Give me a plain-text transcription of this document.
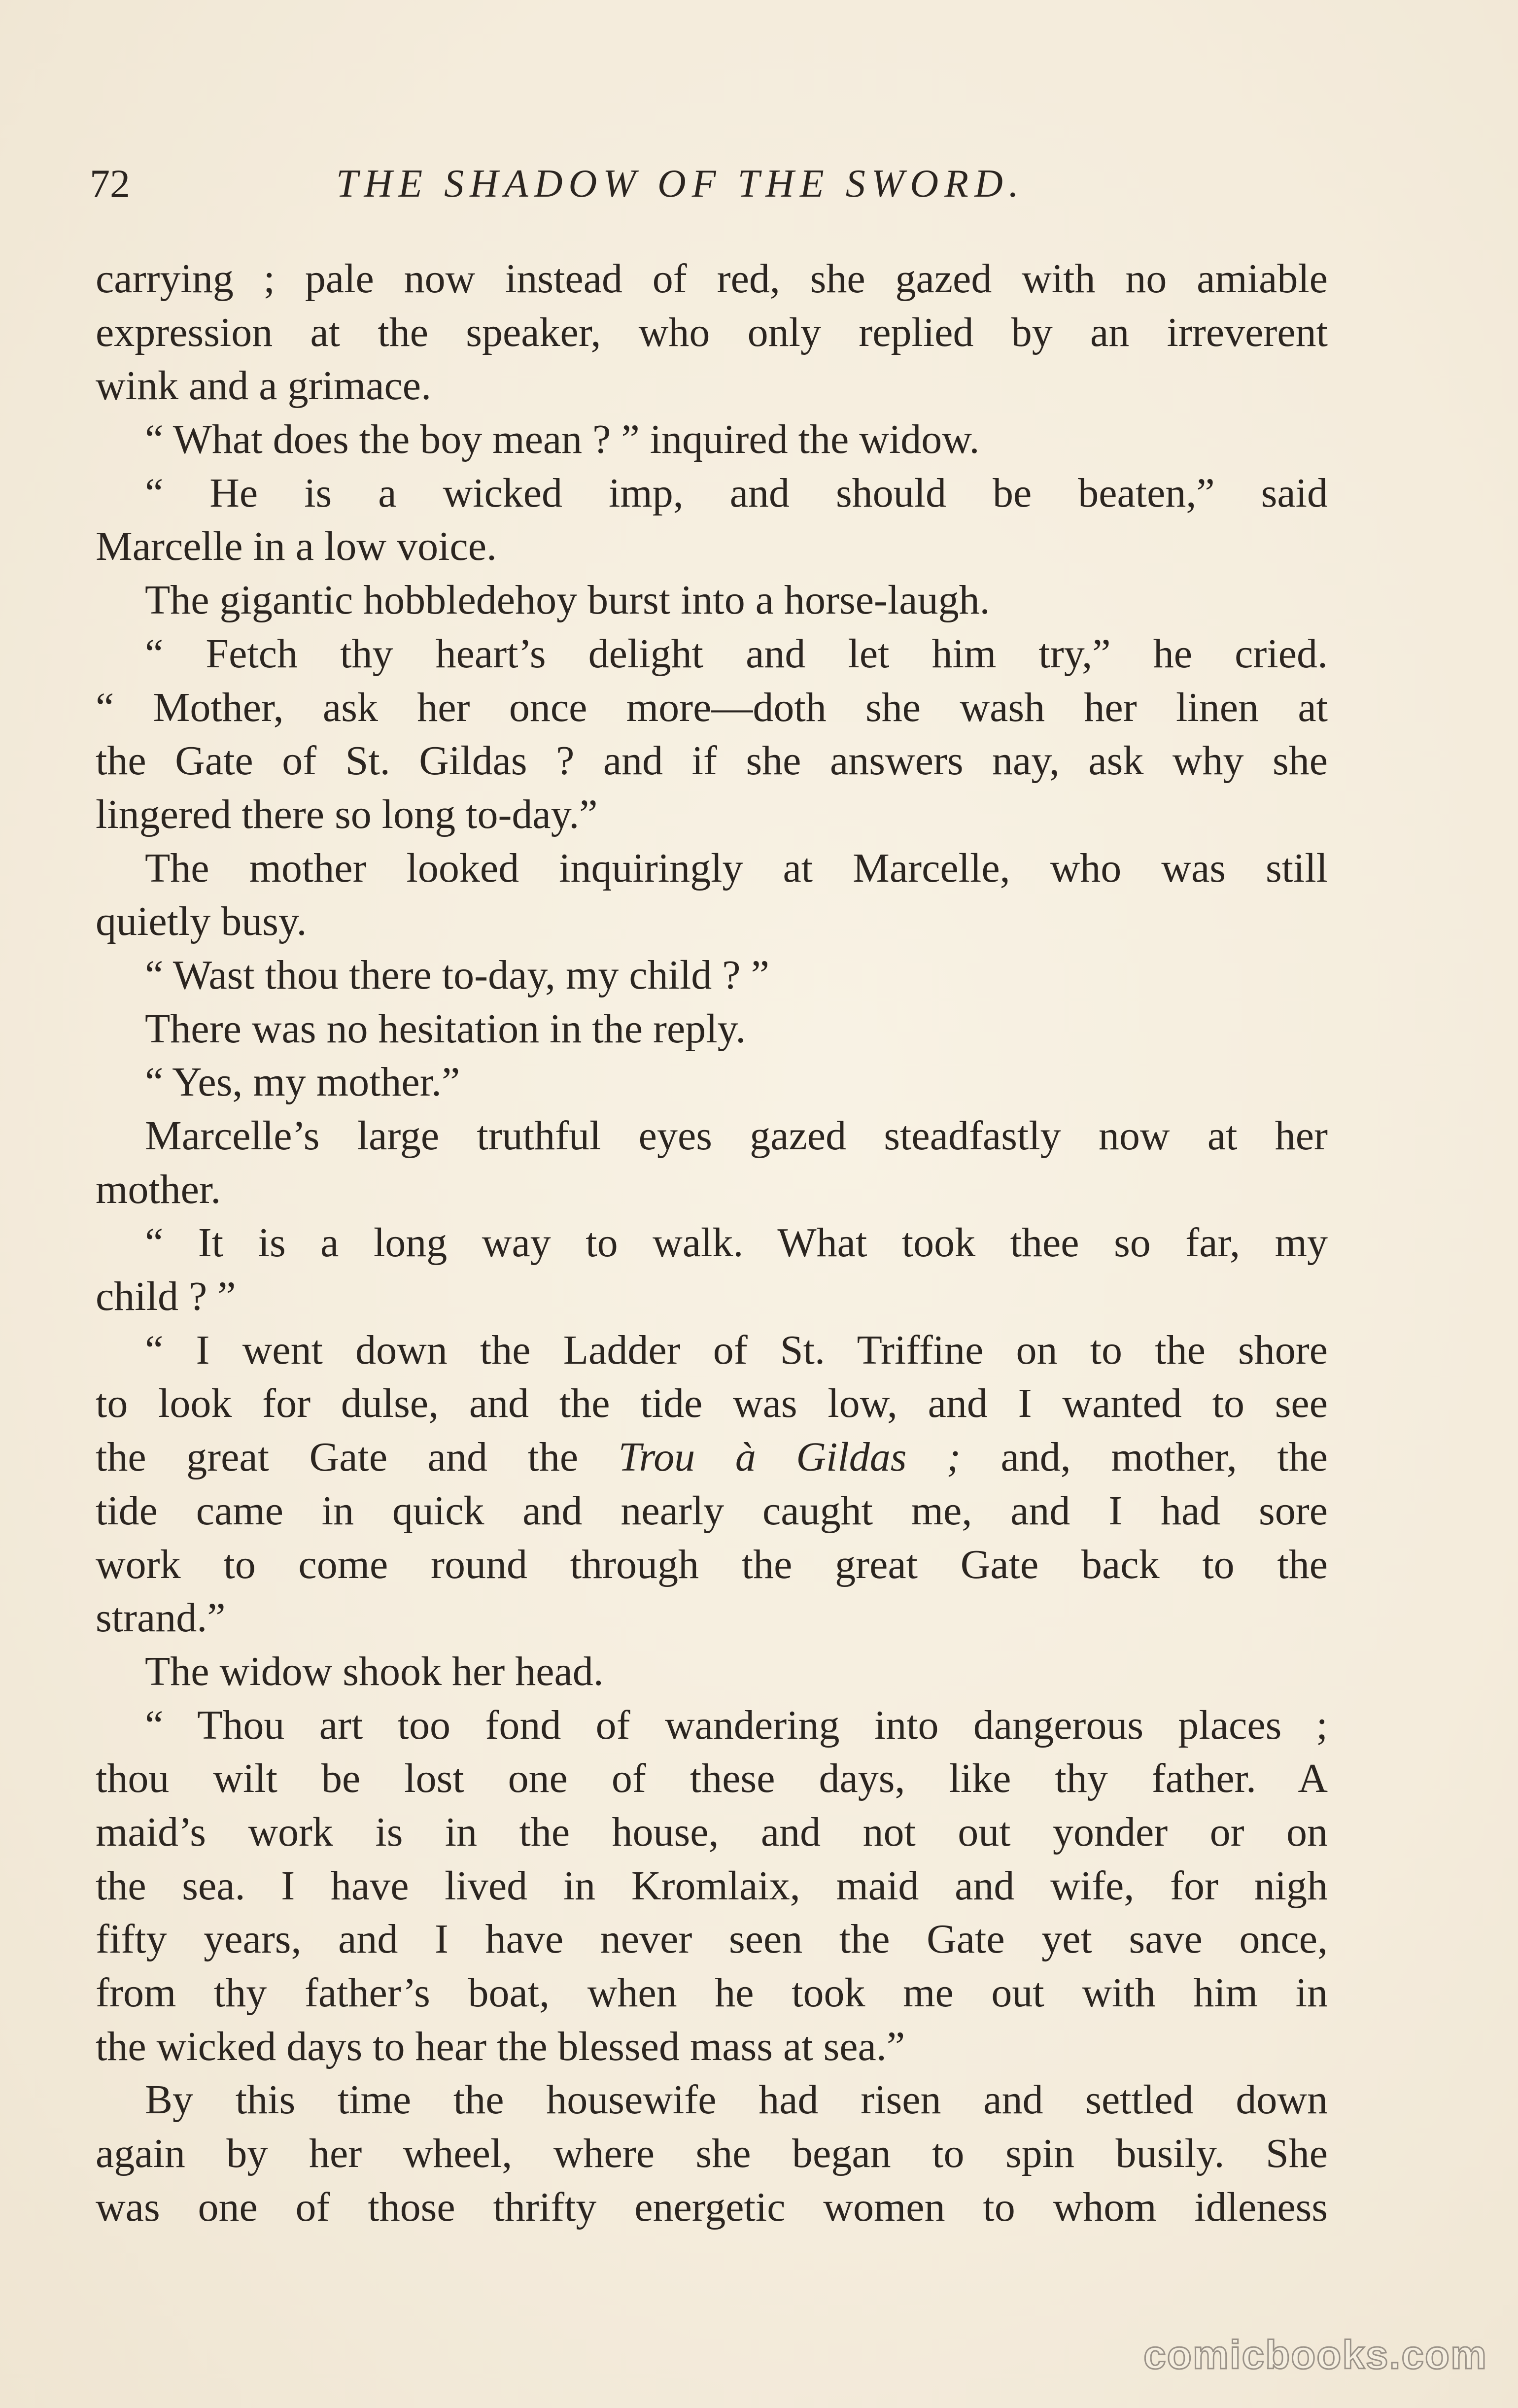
72	THE SHADOW OF THE SWORD.
carrying ; pale now instead of red, she gazed with no amiable
expression at the speaker, who only replied by an irreverent
wink and a grimace.
“ What does the boy mean ? ” inquired the widow.
“ He is a wicked imp, and should be beaten,” said
Marcelle in a low voice.
The gigantic hobbledehoy burst into a horse-laugh.
“ Fetch thy heart’s delight and let him try,” he cried.
“ Mother, ask her once more—doth she wash her linen at
the Gate of St. Gildas ? and if she answers nay, ask why she
lingered there so long to-day.”
The mother looked inquiringly at Marcelle, who was still
quietly busy.
“ Wast thou there to-day, my child ? ”
There was no hesitation in the reply.
“ Yes, my mother.”
Marcelle’s large truthful eyes gazed steadfastly now at her
mother.
“ It is a long way to walk. What took thee so far, my
child ? ”
“ I went down the Ladder of St. Triffine on to the shore
to look for dulse, and the tide was low, and I wanted to see
the great Gate and the Trou à Gildas ; and, mother, the
tide came in quick and nearly caught me, and I had sore
work to come round through the great Gate back to the
strand.”
The widow shook her head.
“ Thou art too fond of wandering into dangerous places ;
thou wilt be lost one of these days, like thy father. A
maid’s work is in the house, and not out yonder or on
the sea. I have lived in Kromlaix, maid and wife, for nigh
fifty years, and I have never seen the Gate yet save once,
from thy father’s boat, when he took me out with him in
the wicked days to hear the blessed mass at sea.”
By this time the housewife had risen and settled down
again by her wheel, where she began to spin busily. She
was one of those thrifty energetic women to whom idleness
comicbooks.com
